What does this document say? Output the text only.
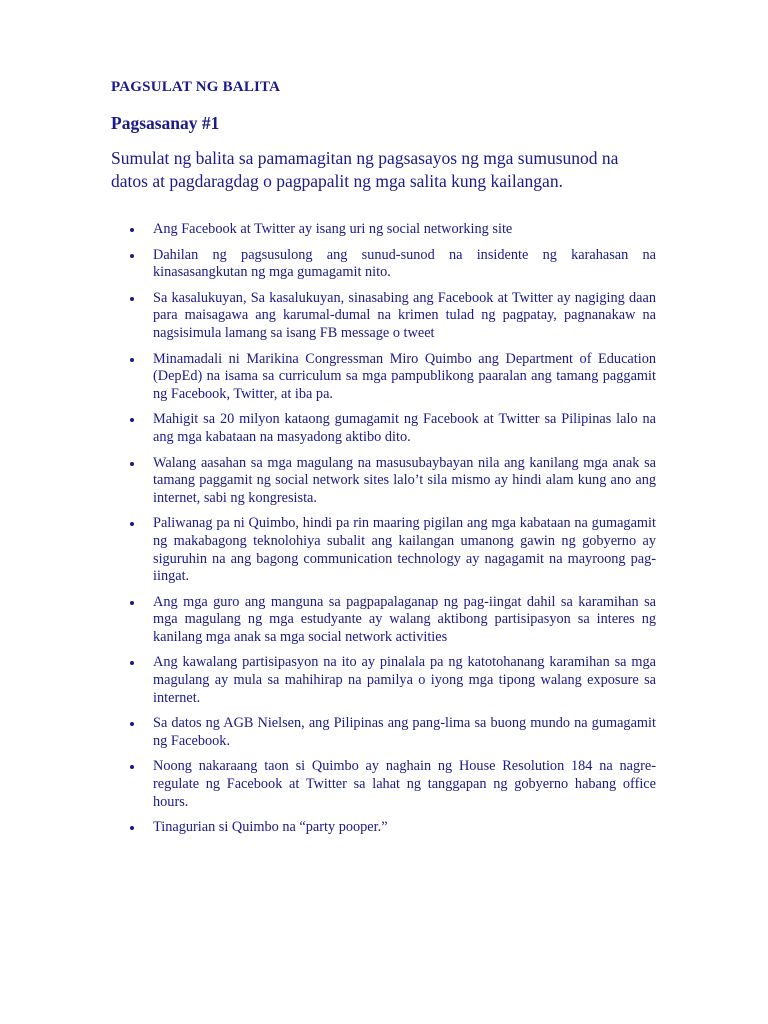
PAGSULAT NG BALITA
Pagsasanay #1
Sumulat ng balita sa pamamagitan ng pagsasayos ng mga sumusunod na datos at pagdaragdag o pagpapalit ng mga salita kung kailangan.
Ang Facebook at Twitter ay isang uri ng social networking site
Dahilan ng pagsusulong ang sunud-sunod na insidente ng karahasan na kinasasangkutan ng mga gumagamit nito.
Sa kasalukuyan, Sa kasalukuyan, sinasabing ang Facebook at Twitter ay nagiging daan para maisagawa ang karumal-dumal na krimen tulad ng pagpatay, pagnanakaw na nagsisimula lamang sa isang FB message o tweet
Minamadali ni Marikina Congressman Miro Quimbo ang Department of Education (DepEd) na isama sa curriculum sa mga pampublikong paaralan ang tamang paggamit ng Facebook, Twitter, at iba pa.
Mahigit sa 20 milyon kataong gumagamit ng Facebook at Twitter sa Pilipinas lalo na ang mga kabataan na masyadong aktibo dito.
Walang aasahan sa mga magulang na masusubaybayan nila ang kanilang mga anak sa tamang paggamit ng social network sites lalo’t sila mismo ay hindi alam kung ano ang internet, sabi ng kongresista.
Paliwanag pa ni Quimbo, hindi pa rin maaring pigilan ang mga kabataan na gumagamit ng makabagong teknolohiya subalit ang kailangan umanong gawin ng gobyerno ay siguruhin na ang bagong communication technology ay nagagamit na mayroong pag-iingat.
Ang mga guro ang manguna sa pagpapalaganap ng pag-iingat dahil sa karamihan sa mga magulang ng mga estudyante ay walang aktibong partisipasyon sa interes ng kanilang mga anak sa mga social network activities
Ang kawalang partisipasyon na ito ay pinalala pa ng katotohanang karamihan sa mga magulang ay mula sa mahihirap na pamilya o iyong mga tipong walang exposure sa internet.
Sa datos ng AGB Nielsen, ang Pilipinas ang pang-lima sa buong mundo na gumagamit ng Facebook.
Noong nakaraang taon si Quimbo ay naghain ng House Resolution 184 na nagre-regulate ng Facebook at Twitter sa lahat ng tanggapan ng gobyerno habang office hours.
Tinagurian si Quimbo na “party pooper.”
